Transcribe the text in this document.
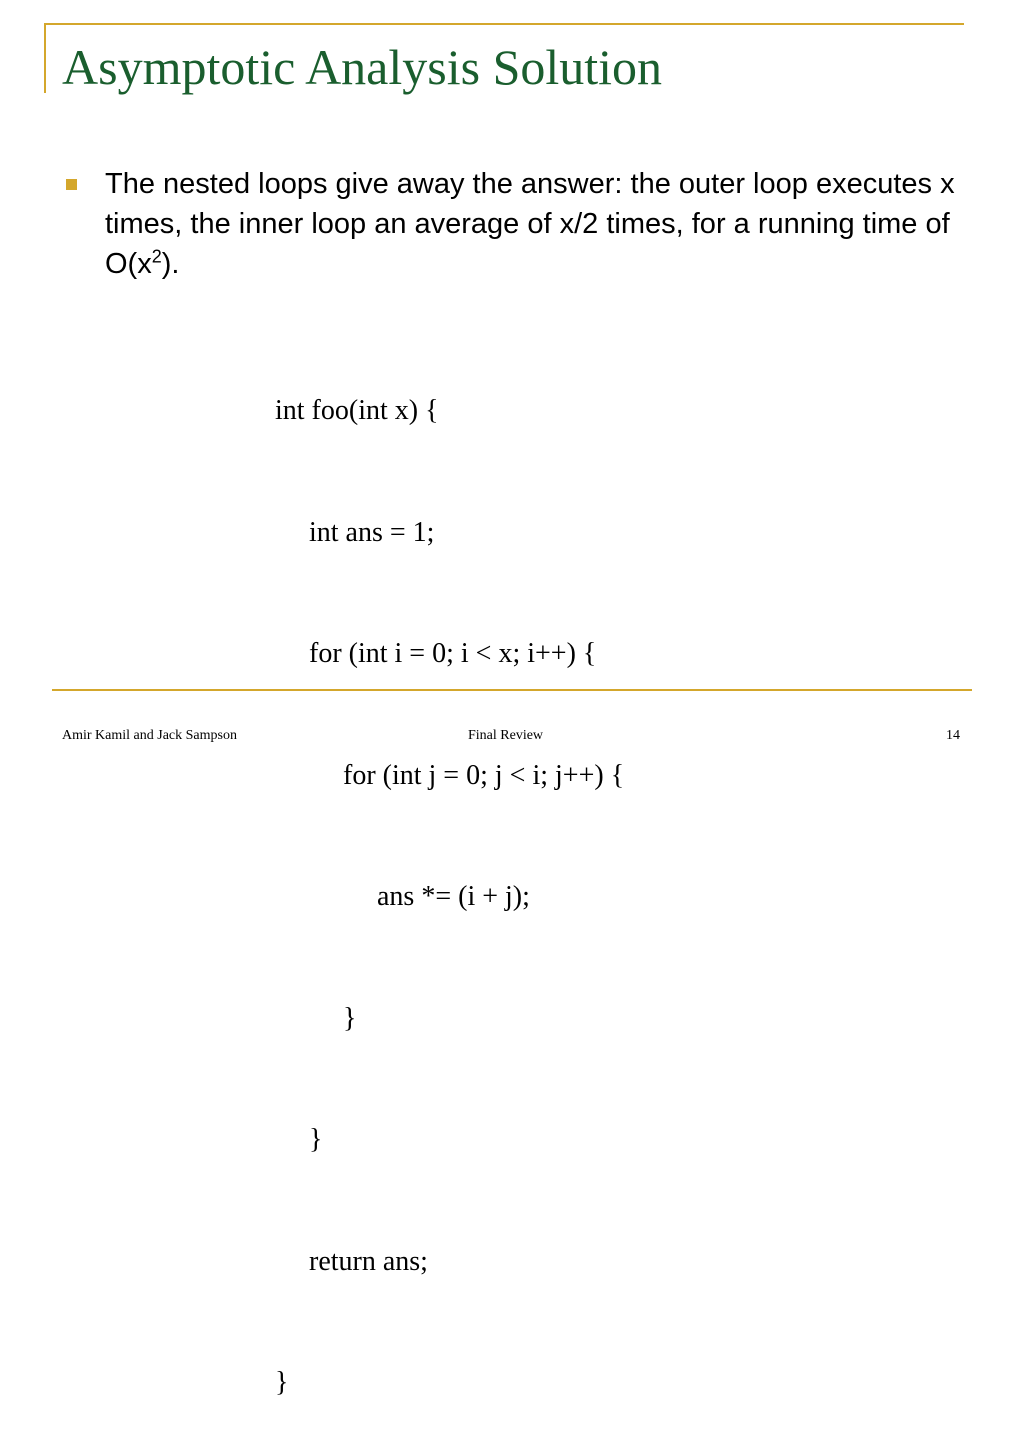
Asymptotic Analysis Solution
The nested loops give away the answer: the outer loop executes x times, the inner loop an average of x/2 times, for a running time of $O(x^2)$.

int foo(int x) {

int ans = 1;

for (int i = 0; i < x; i++) {

for (int j = 0; j < i; j++) {

ans *= (i + j);

}

}

return ans;

}

Amir Kamil and Jack Sampson	Final Review	14
